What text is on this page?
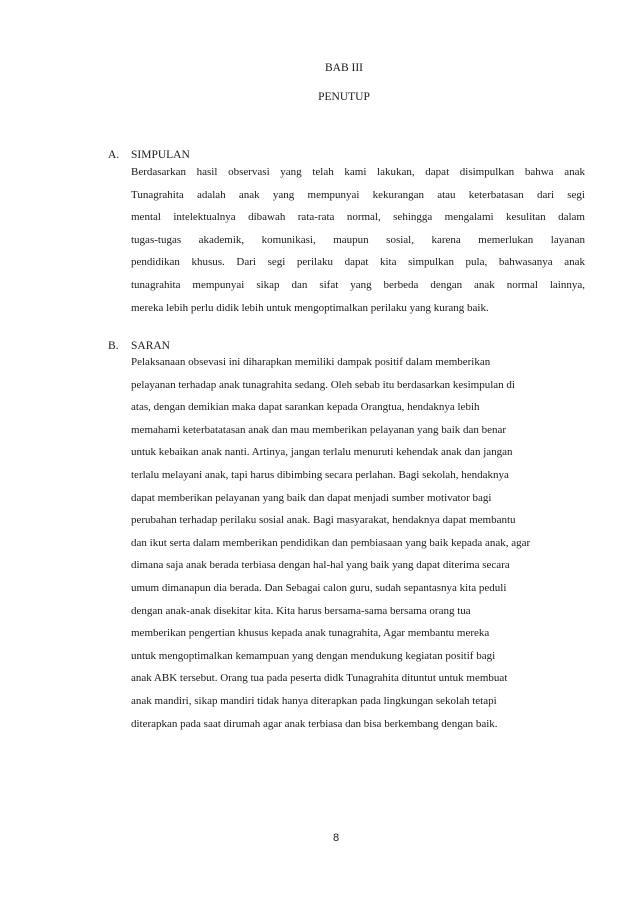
BAB III
PENUTUP
A. SIMPULAN
Berdasarkan hasil observasi yang telah kami lakukan, dapat disimpulkan bahwa anak
Tunagrahita adalah anak yang mempunyai kekurangan atau keterbatasan dari segi
mental intelektualnya dibawah rata-rata normal, sehingga mengalami kesulitan dalam
tugas-tugas akademik, komunikasi, maupun sosial, karena memerlukan layanan
pendidikan khusus. Dari segi perilaku dapat kita simpulkan pula, bahwasanya anak
tunagrahita mempunyai sikap dan sifat yang berbeda dengan anak normal lainnya,
mereka lebih perlu didik lebih untuk mengoptimalkan perilaku yang kurang baik.
B. SARAN
Pelaksanaan obsevasi ini diharapkan memiliki dampak positif dalam memberikan
pelayanan terhadap anak tunagrahita sedang. Oleh sebab itu berdasarkan kesimpulan di
atas, dengan demikian maka dapat sarankan kepada Orangtua, hendaknya lebih
memahami keterbatatasan anak dan mau memberikan pelayanan yang baik dan benar
untuk kebaikan anak nanti. Artinya, jangan terlalu menuruti kehendak anak dan jangan
terlalu melayani anak, tapi harus dibimbing secara perlahan. Bagi sekolah, hendaknya
dapat memberikan pelayanan yang baik dan dapat menjadi sumber motivator bagi
perubahan terhadap perilaku sosial anak. Bagi masyarakat, hendaknya dapat membantu
dan ikut serta dalam memberikan pendidikan dan pembiasaan yang baik kepada anak, agar
dimana saja anak berada terbiasa dengan hal-hal yang baik yang dapat diterima secara
umum dimanapun dia berada. Dan Sebagai calon guru, sudah sepantasnya kita peduli
dengan anak-anak disekitar kita. Kita harus bersama-sama bersama orang tua
memberikan pengertian khusus kepada anak tunagrahita, Agar membantu mereka
untuk mengoptimalkan kemampuan yang dengan mendukung kegiatan positif bagi
anak ABK tersebut. Orang tua pada peserta didk Tunagrahita dituntut untuk membuat
anak mandiri, sikap mandiri tidak hanya diterapkan pada lingkungan sekolah tetapi
diterapkan pada saat dirumah agar anak terbiasa dan bisa berkembang dengan baik.
8
